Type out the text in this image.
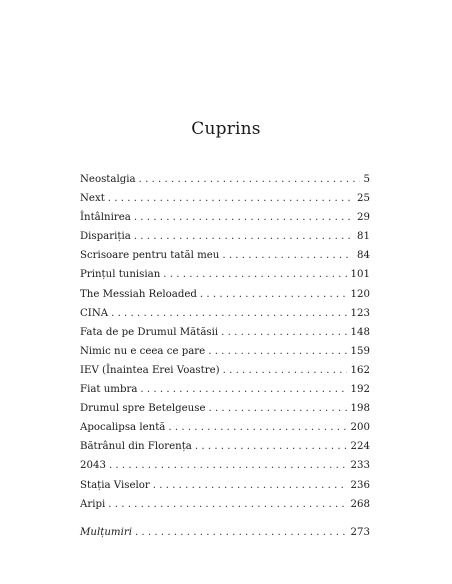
Cuprins
Neostalgia . . .	5
Next . . .	25
Întâlnirea . . .	29
Dispariția . . .	81
Scrisoare pentru tatăl meu . . .	84
Prințul tunisian . . .	101
The Messiah Reloaded . . .	120
CINA . . .	123
Fata de pe Drumul Mătăsii . . .	148
Nimic nu e ceea ce pare . . .	159
IEV (Înaintea Erei Voastre) . . .	162
Fiat umbra . . .	192
Drumul spre Betelgeuse . . .	198
Apocalipsa lentă . . .	200
Bătrânul din Florența . . .	224
2043 . . .	233
Stația Viselor . . .	236
Aripi . . .	268
Mulțumiri . . .	273
